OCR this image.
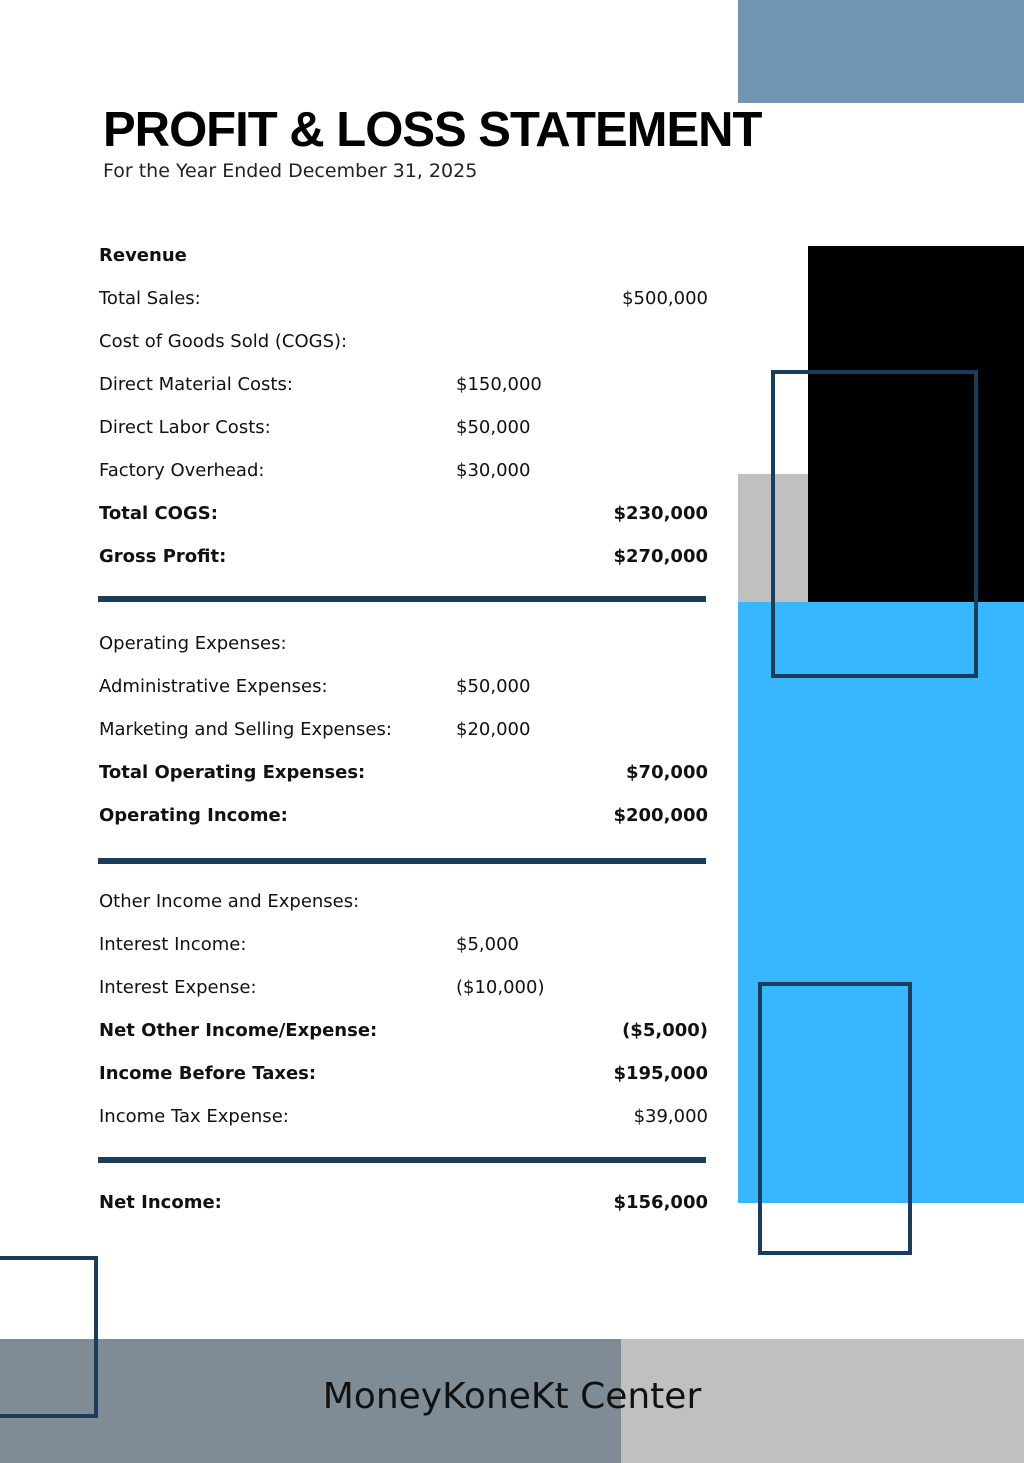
PROFIT & LOSS STATEMENT

For the Year Ended December 31, 2025

Revenue
Total Sales:	$500,000
Cost of Goods Sold (COGS):
Direct Material Costs:	$150,000
Direct Labor Costs:	$50,000
Factory Overhead:	$30,000
Total COGS:	$230,000
Gross Profit:	$270,000
Operating Expenses:
Administrative Expenses:	$50,000
Marketing and Selling Expenses:	$20,000
Total Operating Expenses:	$70,000
Operating Income:	$200,000
Other Income and Expenses:
Interest Income:	$5,000
Interest Expense:	($10,000)
Net Other Income/Expense:	($5,000)
Income Before Taxes:	$195,000
Income Tax Expense:	$39,000
Net Income:	$156,000
MoneyKoneKt Center
